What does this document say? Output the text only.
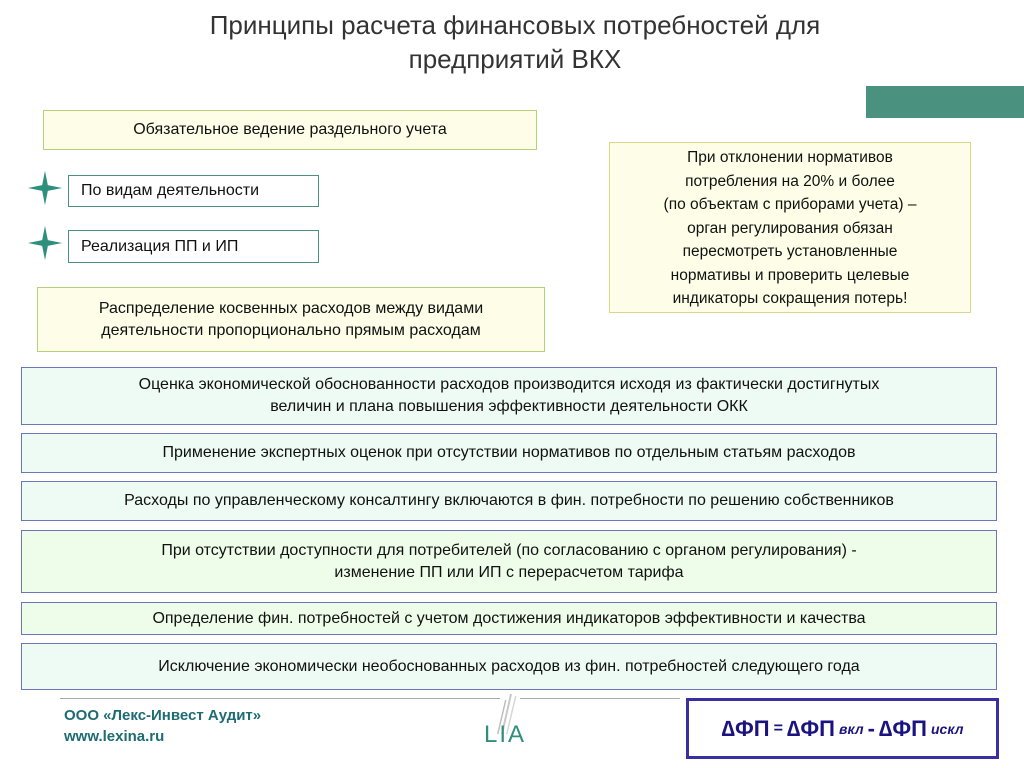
Принципы расчета финансовых потребностей для
предприятий ВКХ
Обязательное ведение раздельного учета
По видам деятельности
Реализация ПП и ИП
Распределение косвенных расходов между видами
деятельности пропорционально прямым расходам
При отклонении нормативов
потребления на 20% и более
(по объектам с приборами учета) –
орган регулирования обязан
пересмотреть установленные
нормативы и проверить целевые
индикаторы сокращения потерь!
Оценка экономической обоснованности расходов производится исходя из фактически достигнутых
величин и плана повышения эффективности деятельности ОКК
Применение экспертных оценок при отсутствии нормативов по отдельным статьям расходов
Расходы по управленческому консалтингу включаются в фин. потребности по решению собственников
При отсутствии доступности для потребителей (по согласованию с органом регулирования) -
изменение ПП или ИП с перерасчетом тарифа
Определение фин. потребностей с учетом достижения индикаторов эффективности и качества
Исключение экономически необоснованных расходов из фин. потребностей следующего года
ООО «Лекс-Инвест Аудит»
www.lexina.ru	LIA	∆ФП = ∆ФП вкл - ∆ФП искл
